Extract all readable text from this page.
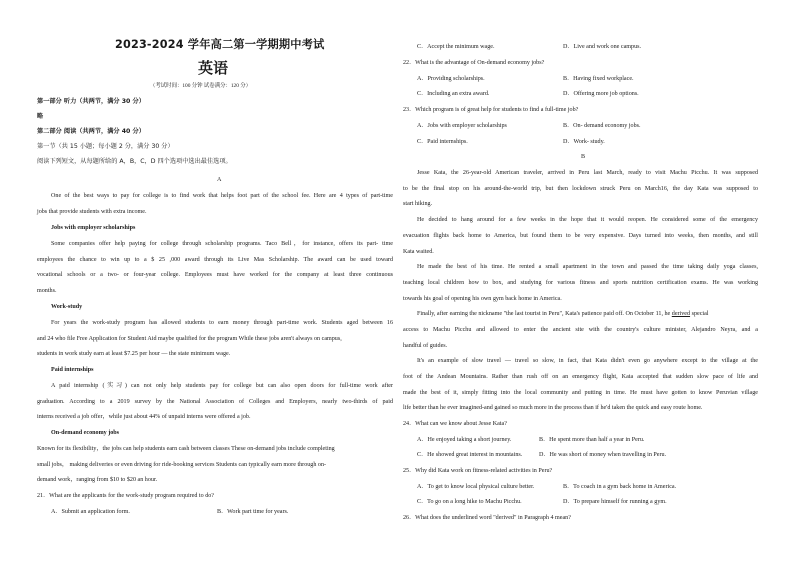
2023-2024 学年高二第一学期期中考试
英语
（考试时间：100 分钟 试卷满分：120 分）
第一部分 听力（共两节，满分 30 分）
略
第二部分 阅读（共两节，满分 40 分）
第一节（共 15 小题；每小题 2 分，满分 30 分）
阅读下列短文，从每题所给的 A，B，C，D 四个选项中选出最佳选项。
A
One of the best ways to pay for college is to find work that helps foot part of the school fee. Here are 4 types of part-time
jobs that provide students with extra income.
Jobs with employer scholarships
Some companies offer help paying for college through scholarship programs. Taco Bell，for instance, offers its part- time
employees the chance to win up to a $ 25 ,000 award through its Live Mas Scholarship. The award can be used toward
vocational schools or a two- or four-year college. Employees must have worked for the company at least three continuous
months.
Work-study
For years the work-study program has allowed students to earn money through part-time work. Students aged between 16
and 24 who file Free Application for Student Aid maybe qualified for the program While these jobs aren't always on campus,
students in work study earn at least $7.25 per hour — the state minimum wage.
Paid internships
A paid internship (实习) can not only help students pay for college but can also open doors for full-time work after
graduation. According to a 2019 survey by the National Association of Colleges and Employers, nearly two-thirds of paid
interns received a job offer，while just about 44% of unpaid interns were offered a job.
On-demand economy jobs
Known for its flexibility，the jobs can help students earn cash between classes These on-demand jobs include completing
small jobs， making deliveries or even driving for ride-booking services Students can typically earn more through on-
demand work，ranging from $10 to $20 an hour.
21．What are the applicants for the work-study program required to do?
A．Submit an application form.	B．Work part time for years.
C．Accept the minimum wage.	D．Live and work one campus.
22．What is the advantage of On-demand economy jobs?
A．Providing scholarships.	B．Having fixed workplace.
C．Including an extra award.	D．Offering more job options.
23．Which program is of great help for students to find a full-time job?
A．Jobs with employer scholarships	B．On- demand economy jobs.
C．Paid internships.	D．Work- study.
B
Jesse Kata, the 26-year-old American traveler, arrived in Peru last March, ready to visit Machu Picchu. It was supposed
to be the final stop on his around-the-world trip, but then lockdown struck Peru on March16, the day Kata was supposed to
start hiking.
He decided to hang around for a few weeks in the hope that it would reopen. He considered some of the emergency
evacuation flights back home to America, but found them to be very expensive. Days turned into weeks, then months, and still
Kata waited.
He made the best of his time. He rented a small apartment in the town and passed the time taking daily yoga classes,
teaching local children how to box, and studying for various fitness and sports nutrition certification exams. He was working
towards his goal of opening his own gym back home in America.
Finally, after earning the nickname "the last tourist in Peru", Kata's patience paid off. On October 11, he derived special
access to Machu Picchu and allowed to enter the ancient site with the country's culture minister, Alejandro Neyra, and a
handful of guides.
It's an example of slow travel — travel so slow, in fact, that Kata didn't even go anywhere except to the village at the
foot of the Andean Mountains. Rather than rush off on an emergency flight, Kata accepted that sudden slow pace of life and
made the best of it, simply fitting into the local community and putting in time. He must have gotten to know Peruvian village
life better than he ever imagined-and gained so much more in the process than if he'd taken the quick and easy route home.
24．What can we know about Jesse Kata?
A．He enjoyed taking a short journey.	B．He spent more than half a year in Peru.
C．He showed great interest in mountains.	D．He was short of money when travelling in Peru.
25．Why did Kata work on fitness-related activities in Peru?
A．To get to know local physical culture better.	B．To coach in a gym back home in America.
C．To go on a long hike to Machu Picchu.	D．To prepare himself for running a gym.
26．What does the underlined word "derived" in Paragraph 4 mean?
